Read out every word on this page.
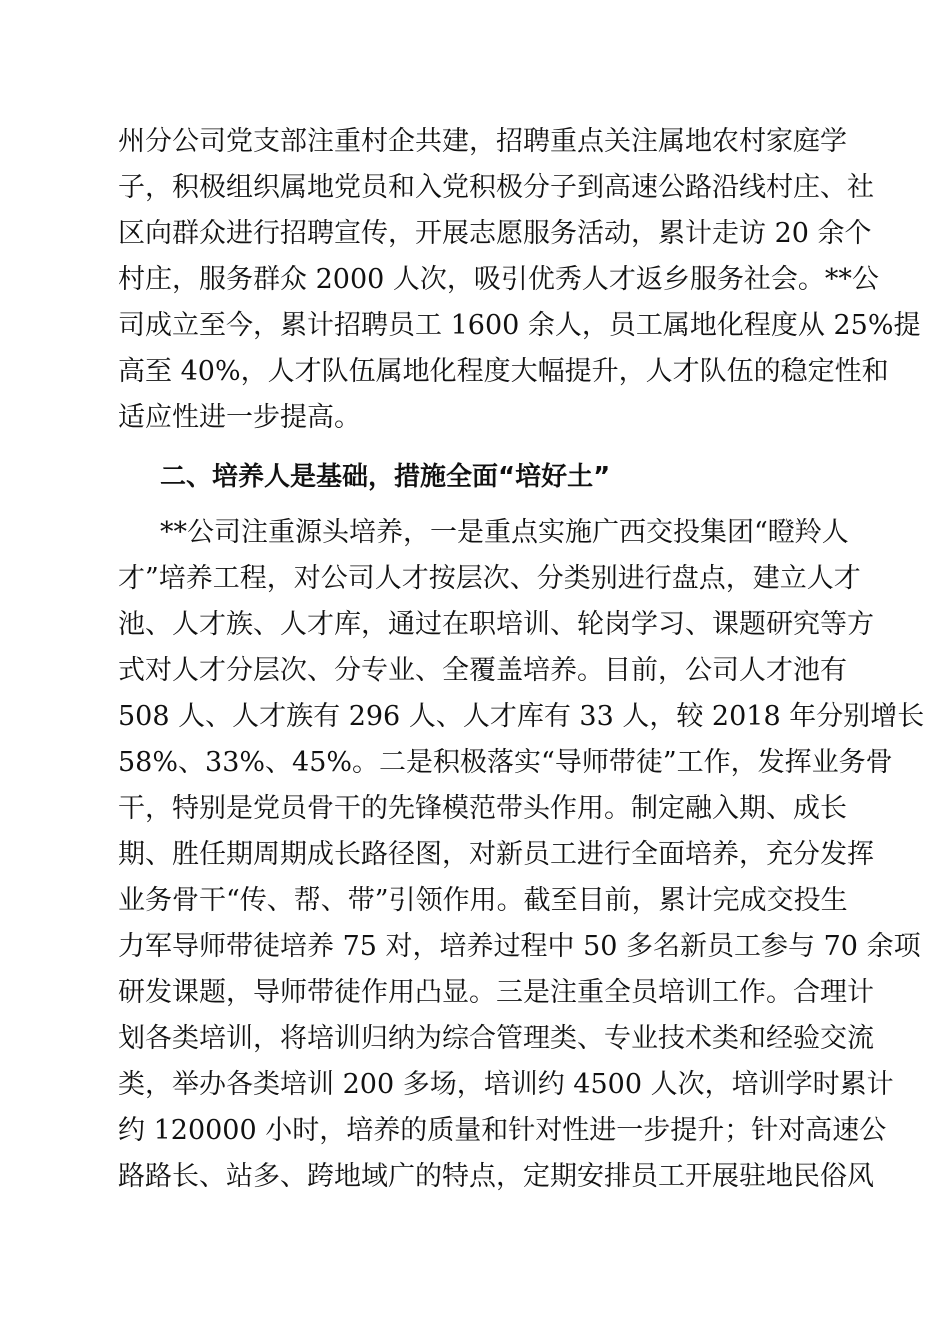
州分公司党支部注重村企共建，招聘重点关注属地农村家庭学
子，积极组织属地党员和入党积极分子到高速公路沿线村庄、社
区向群众进行招聘宣传，开展志愿服务活动，累计走访 20 余个
村庄，服务群众 2000 人次，吸引优秀人才返乡服务社会。**公
司成立至今，累计招聘员工 1600 余人，员工属地化程度从 25%提
高至 40%，人才队伍属地化程度大幅提升，人才队伍的稳定性和
适应性进一步提高。
二、培养人是基础，措施全面“培好土”
**公司注重源头培养，一是重点实施广西交投集团“瞪羚人
才”培养工程，对公司人才按层次、分类别进行盘点，建立人才
池、人才族、人才库，通过在职培训、轮岗学习、课题研究等方
式对人才分层次、分专业、全覆盖培养。目前，公司人才池有
508 人、人才族有 296 人、人才库有 33 人，较 2018 年分别增长
58%、33%、45%。二是积极落实“导师带徒”工作，发挥业务骨
干，特别是党员骨干的先锋模范带头作用。制定融入期、成长
期、胜任期周期成长路径图，对新员工进行全面培养，充分发挥
业务骨干“传、帮、带”引领作用。截至目前，累计完成交投生
力军导师带徒培养 75 对，培养过程中 50 多名新员工参与 70 余项
研发课题，导师带徒作用凸显。三是注重全员培训工作。合理计
划各类培训，将培训归纳为综合管理类、专业技术类和经验交流
类，举办各类培训 200 多场，培训约 4500 人次，培训学时累计
约 120000 小时，培养的质量和针对性进一步提升；针对高速公
路路长、站多、跨地域广的特点，定期安排员工开展驻地民俗风
